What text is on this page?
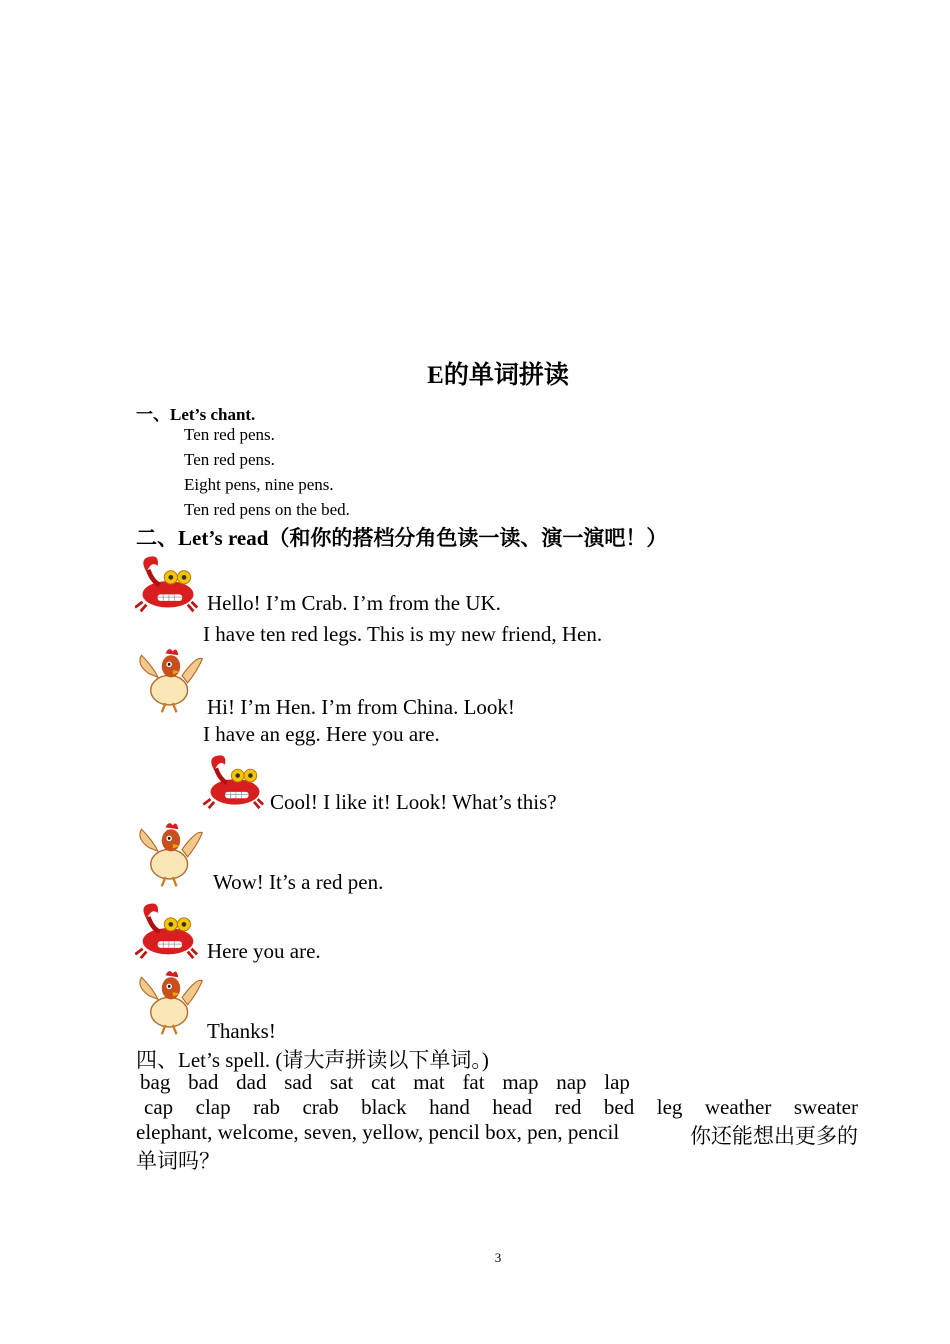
E的单词拼读
一、Let’s chant.
Ten red pens.
Ten red pens.
Eight pens, nine pens.
Ten red pens on the bed.
二、Let’s read（和你的搭档分角色读一读、演一演吧！）
Hello! I’m Crab. I’m from the UK.
I have ten red legs. This is my new friend, Hen.
Hi! I’m Hen. I’m from China. Look!
I have an egg. Here you are.
Cool! I like it! Look! What’s this?
Wow! It’s a red pen.
Here you are.
Thanks!
四、Let’s spell. (请大声拼读以下单词。)
bag bad dad sad sat cat mat fat map nap lap
cap clap rab crab black hand head red bed leg weather sweater
elephant, welcome, seven, yellow, pencil box, pen, pencil	你还能想出更多的
单词吗？
3
